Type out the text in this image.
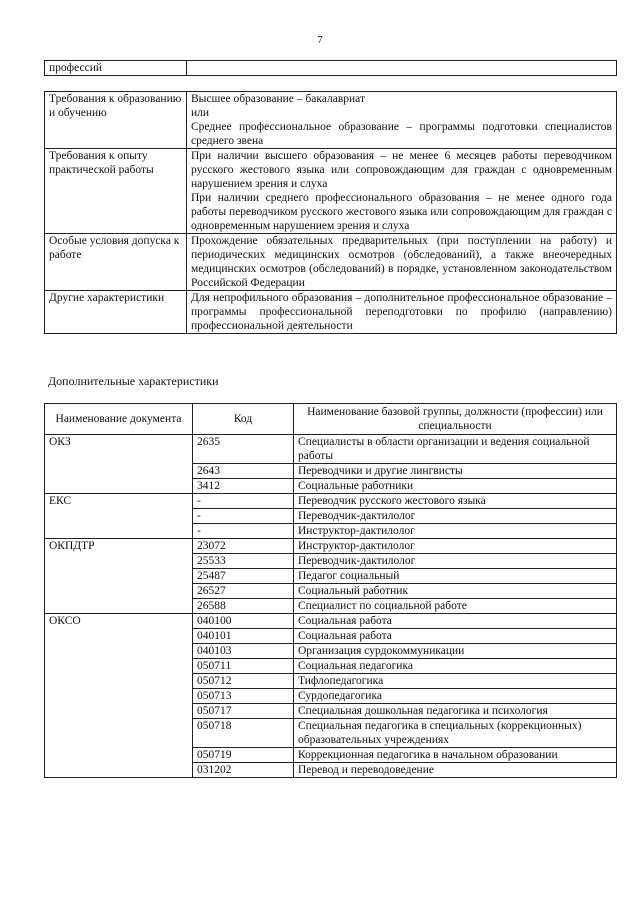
7
профессий	
Требования к образованию и обучению	Высшее образование – бакалавриат

или

Среднее профессиональное образование – программы подготовки специалистов среднего звена

Требования к опыту практической работы	При наличии высшего образования – не менее 6 месяцев работы переводчиком русского жестового языка или сопровождающим для граждан с одновременным нарушением зрения и слуха

При наличии среднего профессионального образования – не менее одного года работы переводчиком русского жестового языка или сопровождающим для граждан с одновременным нарушением зрения и слуха

Особые условия допуска к работе	Прохождение обязательных предварительных (при поступлении на работу) и периодических медицинских осмотров (обследований), а также внеочередных медицинских осмотров (обследований) в порядке, установленном законодательством Российской Федерации

Другие характеристики	Для непрофильного образования – дополнительное профессиональное образование – программы профессиональной переподготовки по профилю (направлению) профессиональной деятельности

Дополнительные характеристики
Наименование документа	Код	Наименование базовой группы, должности (профессии) или специальности
ОКЗ	2635	Специалисты в области организации и ведения социальной работы
	2643	Переводчики и другие лингвисты
	3412	Социальные работники
ЕКС	-	Переводчик русского жестового языка
	-	Переводчик-дактилолог
	-	Инструктор-дактилолог
ОКПДТР	23072	Инструктор-дактилолог
	25533	Переводчик-дактилолог
	25487	Педагог социальный
	26527	Социальный работник
	26588	Специалист по социальной работе
ОКСО	040100	Социальная работа
	040101	Социальная работа
	040103	Организация сурдокоммуникации
	050711	Социальная педагогика
	050712	Тифлопедагогика
	050713	Сурдопедагогика
	050717	Специальная дошкольная педагогика и психология
	050718	Специальная педагогика в специальных (коррекционных) образовательных учреждениях
	050719	Коррекционная педагогика в начальном образовании
	031202	Перевод и переводоведение
